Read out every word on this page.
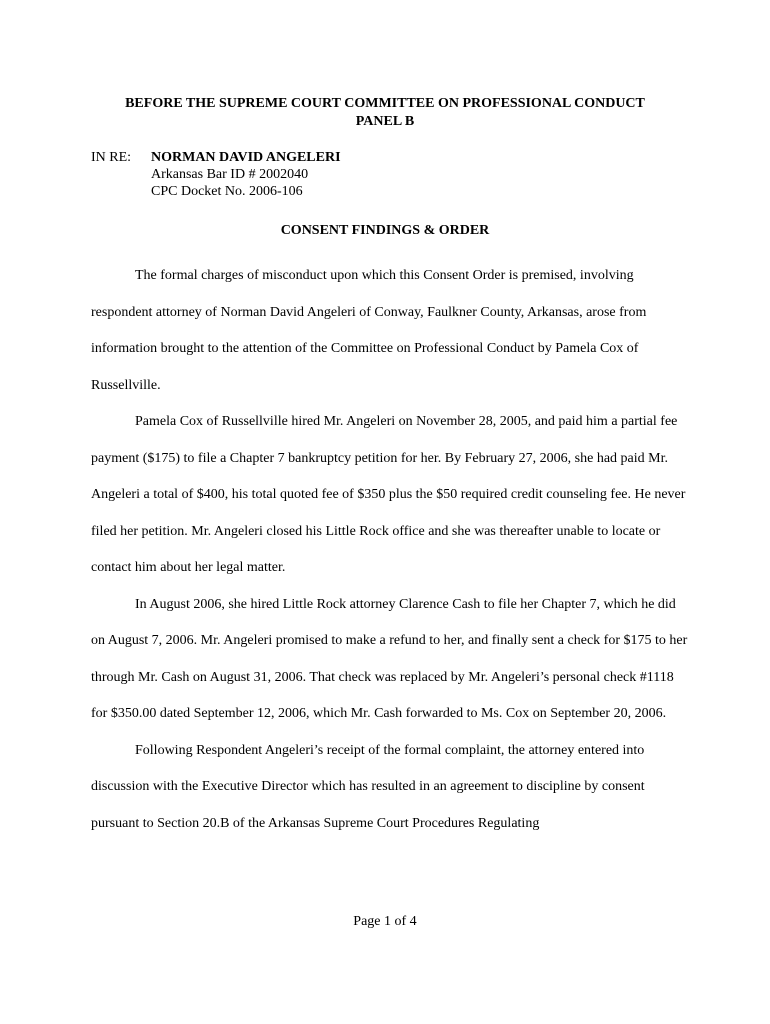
BEFORE THE SUPREME COURT COMMITTEE ON PROFESSIONAL CONDUCT
PANEL B
IN RE: NORMAN DAVID ANGELERI
Arkansas Bar ID # 2002040
CPC Docket No. 2006-106
CONSENT FINDINGS & ORDER

The formal charges of misconduct upon which this Consent Order is premised, involving respondent attorney of Norman David Angeleri of Conway, Faulkner County, Arkansas, arose from information brought to the attention of the Committee on Professional Conduct by Pamela Cox of Russellville.

Pamela Cox of Russellville hired Mr. Angeleri on November 28, 2005, and paid him a partial fee payment ($175) to file a Chapter 7 bankruptcy petition for her. By February 27, 2006, she had paid Mr. Angeleri a total of $400, his total quoted fee of $350 plus the $50 required credit counseling fee. He never filed her petition. Mr. Angeleri closed his Little Rock office and she was thereafter unable to locate or contact him about her legal matter.

In August 2006, she hired Little Rock attorney Clarence Cash to file her Chapter 7, which he did on August 7, 2006. Mr. Angeleri promised to make a refund to her, and finally sent a check for $175 to her through Mr. Cash on August 31, 2006. That check was replaced by Mr. Angeleri’s personal check #1118 for $350.00 dated September 12, 2006, which Mr. Cash forwarded to Ms. Cox on September 20, 2006.

Following Respondent Angeleri’s receipt of the formal complaint, the attorney entered into discussion with the Executive Director which has resulted in an agreement to discipline by consent pursuant to Section 20.B of the Arkansas Supreme Court Procedures Regulating

Page 1 of 4
